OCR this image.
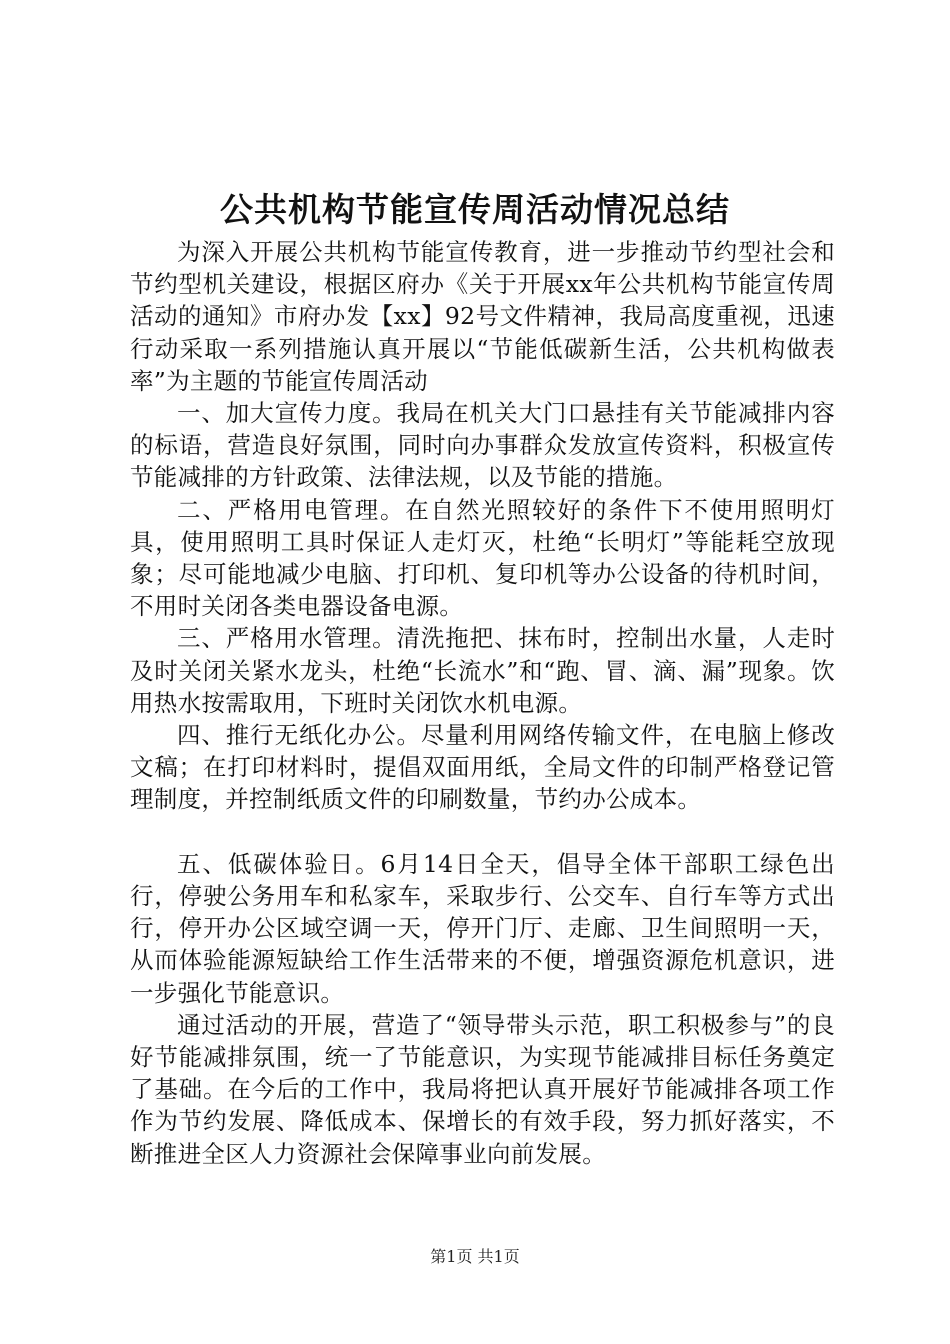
公共机构节能宣传周活动情况总结

为深入开展公共机构节能宣传教育，进一步推动节约型社会和节约型机关建设，根据区府办《关于开展xx年公共机构节能宣传周活动的通知》市府办发【xx】92号文件精神，我局高度重视，迅速行动采取一系列措施认真开展以“节能低碳新生活，公共机构做表率”为主题的节能宣传周活动

一、加大宣传力度。我局在机关大门口悬挂有关节能减排内容的标语，营造良好氛围，同时向办事群众发放宣传资料，积极宣传节能减排的方针政策、法律法规，以及节能的措施。

二、严格用电管理。在自然光照较好的条件下不使用照明灯具，使用照明工具时保证人走灯灭，杜绝“长明灯”等能耗空放现象；尽可能地减少电脑、打印机、复印机等办公设备的待机时间，不用时关闭各类电器设备电源。

三、严格用水管理。清洗拖把、抹布时，控制出水量，人走时及时关闭关紧水龙头，杜绝“长流水”和“跑、冒、滴、漏”现象。饮用热水按需取用，下班时关闭饮水机电源。

四、推行无纸化办公。尽量利用网络传输文件，在电脑上修改文稿；在打印材料时，提倡双面用纸，全局文件的印制严格登记管理制度，并控制纸质文件的印刷数量，节约办公成本。

五、低碳体验日。6月14日全天，倡导全体干部职工绿色出行，停驶公务用车和私家车，采取步行、公交车、自行车等方式出行，停开办公区域空调一天，停开门厅、走廊、卫生间照明一天，从而体验能源短缺给工作生活带来的不便，增强资源危机意识，进一步强化节能意识。

通过活动的开展，营造了“领导带头示范，职工积极参与”的良好节能减排氛围，统一了节能意识，为实现节能减排目标任务奠定了基础。在今后的工作中，我局将把认真开展好节能减排各项工作作为节约发展、降低成本、保增长的有效手段，努力抓好落实，不断推进全区人力资源社会保障事业向前发展。

第1页 共1页
